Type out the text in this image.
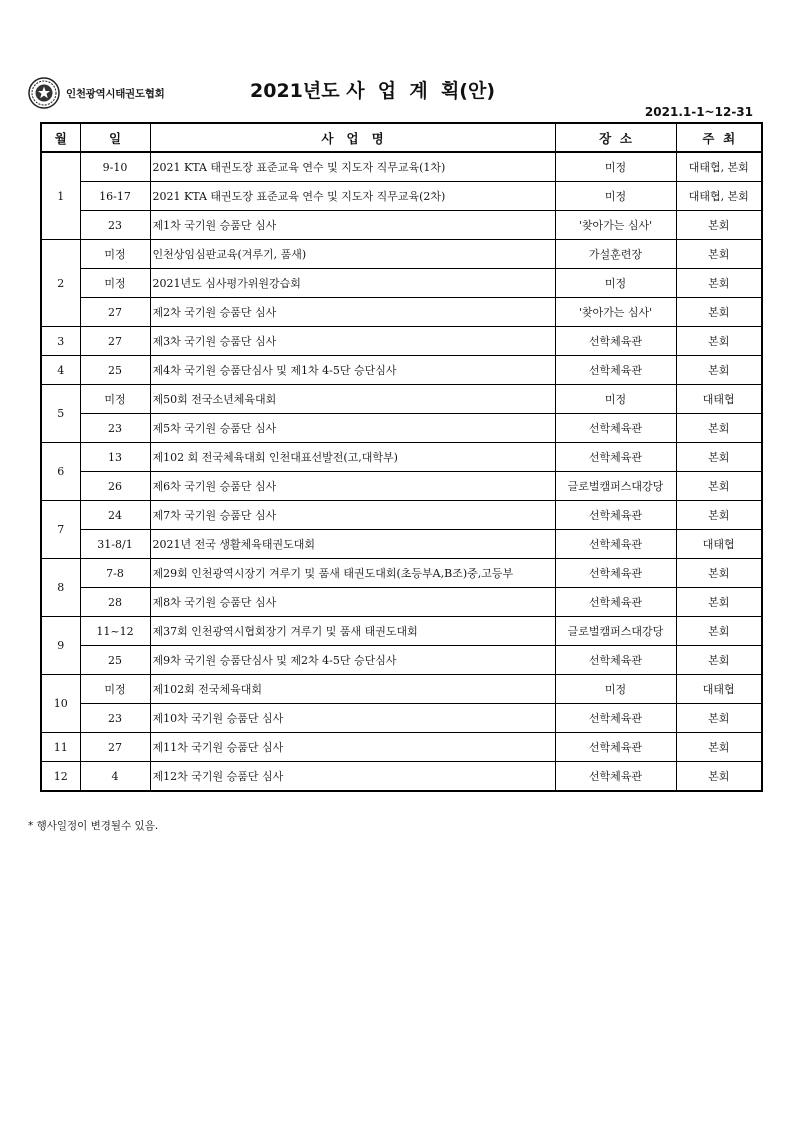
인천광역시태권도협회	2021년도 사  업  계  획(안)
2021.1-1~12-31
월	일	사   업   명	장  소	주  최
1	9-10	2021 KTA 태권도장 표준교육 연수 및 지도자 직무교육(1차)	미정	대태협, 본회
	16-17	2021 KTA 태권도장 표준교육 연수 및 지도자 직무교육(2차)	미정	대태협, 본회
	23	제1차 국기원 승품단 심사	'찾아가는 심사'	본회
2	미정	인천상임심판교육(겨루기, 품새)	가설훈련장	본회
	미정	2021년도 심사평가위원강습회	미정	본회
	27	제2차 국기원 승품단 심사	'찾아가는 심사'	본회
3	27	제3차 국기원 승품단 심사	선학체육관	본회
4	25	제4차 국기원 승품단심사 및 제1차 4-5단 승단심사	선학체육관	본회
5	미정	제50회 전국소년체육대회	미정	대태협
	23	제5차 국기원 승품단 심사	선학체육관	본회
6	13	제102 회 전국체육대회 인천대표선발전(고,대학부)	선학체육관	본회
	26	제6차 국기원 승품단 심사	글로벌캠퍼스대강당	본회
7	24	제7차 국기원 승품단 심사	선학체육관	본회
	31-8/1	2021년 전국 생활체육태권도대회	선학체육관	대태협
8	7-8	제29회 인천광역시장기 겨루기 및 품새 태권도대회(초등부A,B조)중,고등부	선학체육관	본회
	28	제8차 국기원 승품단 심사	선학체육관	본회
9	11~12	제37회 인천광역시협회장기 겨루기 및 품새 태권도대회	글로벌캠퍼스대강당	본회
	25	제9차 국기원 승품단심사 및 제2차 4-5단 승단심사	선학체육관	본회
10	미정	제102회 전국체육대회	미정	대태협
	23	제10차 국기원 승품단 심사	선학체육관	본회
11	27	제11차 국기원 승품단 심사	선학체육관	본회
12	4	제12차 국기원 승품단 심사	선학체육관	본회
* 행사일정이 변경될수 있음.
